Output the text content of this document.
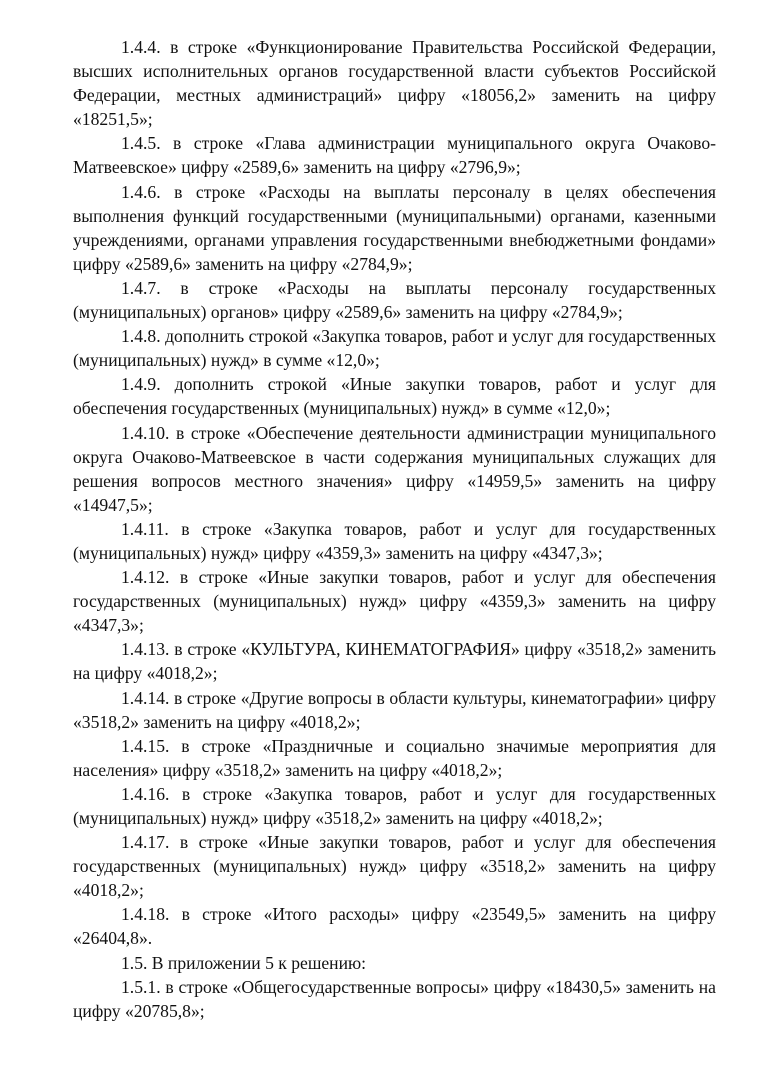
1.4.4. в строке «Функционирование Правительства Российской Федерации, высших исполнительных органов государственной власти субъектов Российской Федерации, местных администраций» цифру «18056,2» заменить на цифру «18251,5»;

1.4.5. в строке «Глава администрации муниципального округа Очаково-Матвеевское» цифру «2589,6» заменить на цифру «2796,9»;

1.4.6. в строке «Расходы на выплаты персоналу в целях обеспечения выполнения функций государственными (муниципальными) органами, казенными учреждениями, органами управления государственными внебюджетными фондами» цифру «2589,6» заменить на цифру «2784,9»;

1.4.7. в строке «Расходы на выплаты персоналу государственных (муниципальных) органов» цифру «2589,6» заменить на цифру «2784,9»;

1.4.8. дополнить строкой «Закупка товаров, работ и услуг для государственных (муниципальных) нужд» в сумме «12,0»;

1.4.9. дополнить строкой «Иные закупки товаров, работ и услуг для обеспечения государственных (муниципальных) нужд» в сумме «12,0»;

1.4.10. в строке «Обеспечение деятельности администрации муниципального округа Очаково-Матвеевское в части содержания муниципальных служащих для решения вопросов местного значения» цифру «14959,5» заменить на цифру «14947,5»;

1.4.11. в строке «Закупка товаров, работ и услуг для государственных (муниципальных) нужд» цифру «4359,3» заменить на цифру «4347,3»;

1.4.12. в строке «Иные закупки товаров, работ и услуг для обеспечения государственных (муниципальных) нужд» цифру «4359,3» заменить на цифру «4347,3»;

1.4.13. в строке «КУЛЬТУРА, КИНЕМАТОГРАФИЯ» цифру «3518,2» заменить на цифру «4018,2»;

1.4.14. в строке «Другие вопросы в области культуры, кинематографии» цифру «3518,2» заменить на цифру «4018,2»;

1.4.15. в строке «Праздничные и социально значимые мероприятия для населения» цифру «3518,2» заменить на цифру «4018,2»;

1.4.16. в строке «Закупка товаров, работ и услуг для государственных (муниципальных) нужд» цифру «3518,2» заменить на цифру «4018,2»;

1.4.17. в строке «Иные закупки товаров, работ и услуг для обеспечения государственных (муниципальных) нужд» цифру «3518,2» заменить на цифру «4018,2»;

1.4.18. в строке «Итого расходы» цифру «23549,5» заменить на цифру «26404,8».

1.5. В приложении 5 к решению:

1.5.1. в строке «Общегосударственные вопросы» цифру «18430,5» заменить на цифру «20785,8»;
